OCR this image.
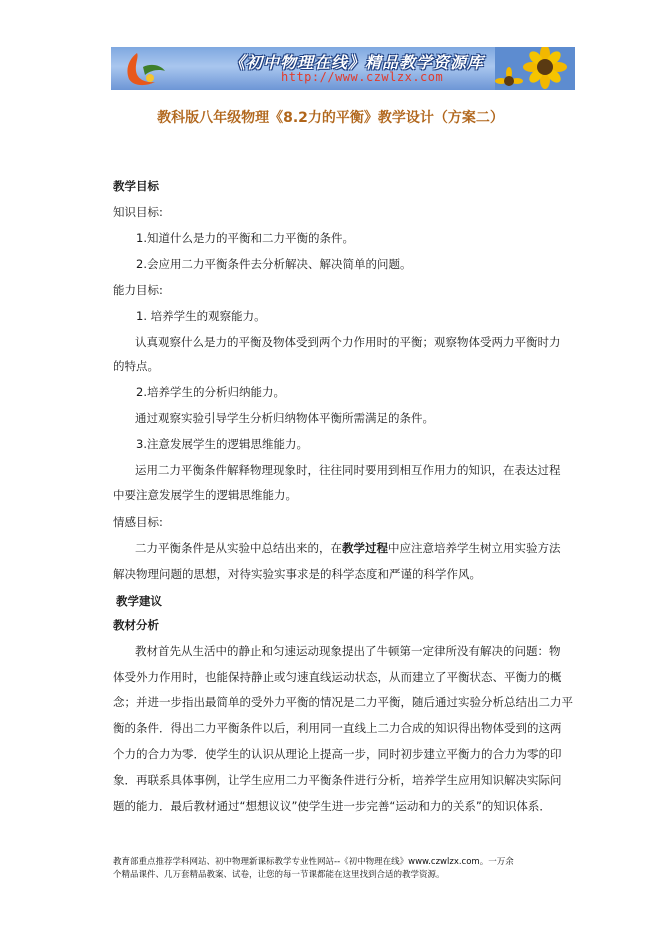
《初中物理在线》精品教学资源库
http://www.czwlzx.com
教科版八年级物理《8.2力的平衡》教学设计（方案二）
教学目标
知识目标:
1.知道什么是力的平衡和二力平衡的条件。
2.会应用二力平衡条件去分析解决、解决简单的问题。
能力目标:
1. 培养学生的观察能力。
认真观察什么是力的平衡及物体受到两个力作用时的平衡；观察物体受两力平衡时力
的特点。
2.培养学生的分析归纳能力。
通过观察实验引导学生分析归纳物体平衡所需满足的条件。
3.注意发展学生的逻辑思维能力。
运用二力平衡条件解释物理现象时，往往同时要用到相互作用力的知识，在表达过程
中要注意发展学生的逻辑思维能力。
情感目标:
二力平衡条件是从实验中总结出来的，在教学过程中应注意培养学生树立用实验方法
解决物理问题的思想，对待实验实事求是的科学态度和严谨的科学作风。
教学建议
教材分析
教材首先从生活中的静止和匀速运动现象提出了牛顿第一定律所没有解决的问题：物
体受外力作用时，也能保持静止或匀速直线运动状态，从而建立了平衡状态、平衡力的概
念；并进一步指出最简单的受外力平衡的情况是二力平衡，随后通过实验分析总结出二力平
衡的条件．得出二力平衡条件以后，利用同一直线上二力合成的知识得出物体受到的这两
个力的合力为零．使学生的认识从理论上提高一步，同时初步建立平衡力的合力为零的印
象．再联系具体事例，让学生应用二力平衡条件进行分析，培养学生应用知识解决实际问
题的能力．最后教材通过“想想议议”使学生进一步完善“运动和力的关系”的知识体系．
教育部重点推荐学科网站、初中物理新课标教学专业性网站--《初中物理在线》www.czwlzx.com。一万余
个精品课件、几万套精品教案、试卷，让您的每一节课都能在这里找到合适的教学资源。
